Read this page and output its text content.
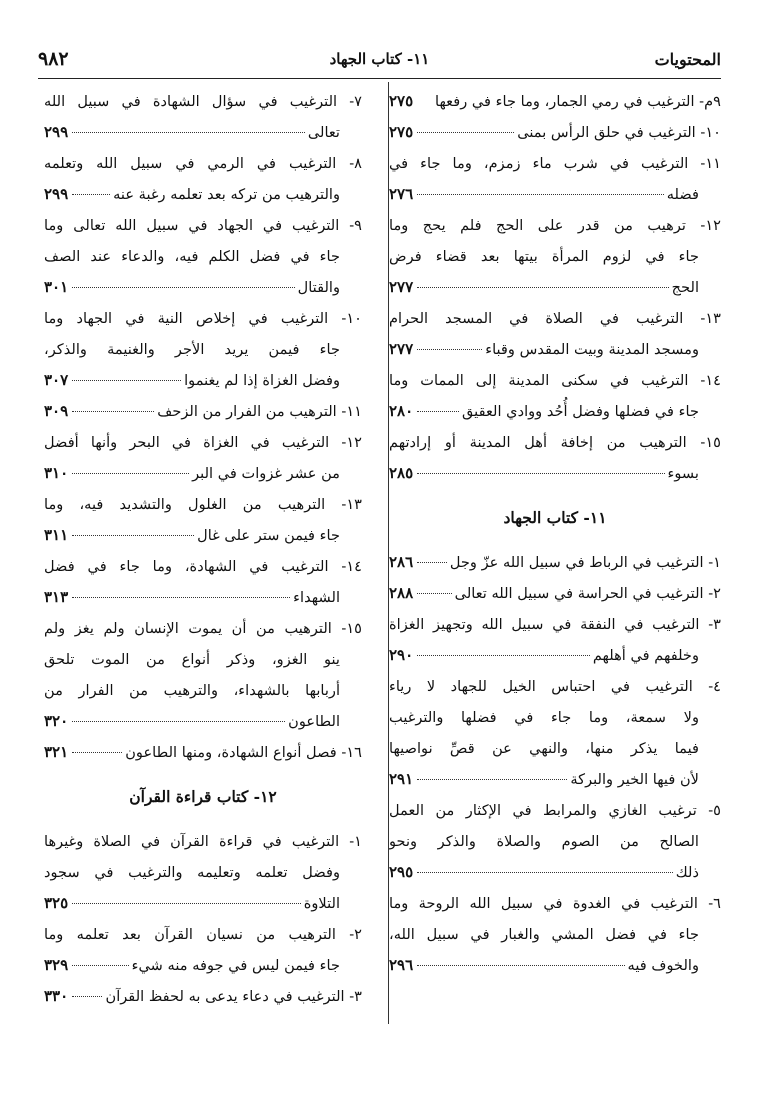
المحتويات
١١- كتاب الجهاد
٩٨٢
٩م- الترغيب في رمي الجمار، وما جاء في رفعها
٢٧٥
١٠- الترغيب في حلق الرأس بمنى
٢٧٥
١١- الترغيب في شرب ماء زمزم، وما جاء في
فضله
٢٧٦
١٢- ترهيب من قدر على الحج فلم يحج وما
جاء في لزوم المرأة بيتها بعد قضاء فرض
الحج
٢٧٧
١٣- الترغيب في الصلاة في المسجد الحرام
ومسجد المدينة وبيت المقدس وقباء
٢٧٧
١٤- الترغيب في سكنى المدينة إلى الممات وما
جاء في فضلها وفضل أُحُد ووادي العقيق
٢٨٠
١٥- الترهيب من إخافة أهل المدينة أو إرادتهم
بسوء
٢٨٥
١١- كتاب الجهاد
١- الترغيب في الرباط في سبيل الله عزّ وجل
٢٨٦
٢- الترغيب في الحراسة في سبيل الله تعالى
٢٨٨
٣- الترغيب في النفقة في سبيل الله وتجهيز الغزاة
وخلفهم في أهلهم
٢٩٠
٤- الترغيب في احتباس الخيل للجهاد لا رياء
ولا سمعة، وما جاء في فضلها والترغيب
فيما يذكر منها، والنهي عن قصِّ نواصيها
لأن فيها الخير والبركة
٢٩١
٥- ترغيب الغازي والمرابط في الإكثار من العمل
الصالح من الصوم والصلاة والذكر ونحو
ذلك
٢٩٥
٦- الترغيب في الغدوة في سبيل الله الروحة وما
جاء في فضل المشي والغبار في سبيل الله،
والخوف فيه
٢٩٦
٧- الترغيب في سؤال الشهادة في سبيل الله
تعالى
٢٩٩
٨- الترغيب في الرمي في سبيل الله وتعلمه
والترهيب من تركه بعد تعلمه رغبة عنه
٢٩٩
٩- الترغيب في الجهاد في سبيل الله تعالى وما
جاء في فضل الكلم فيه، والدعاء عند الصف
والقتال
٣٠١
١٠- الترغيب في إخلاص النية في الجهاد وما
جاء فيمن يريد الأجر والغنيمة والذكر،
وفضل الغزاة إذا لم يغنموا
٣٠٧
١١- الترهيب من الفرار من الزحف
٣٠٩
١٢- الترغيب في الغزاة في البحر وأنها أفضل
من عشر غزوات في البر
٣١٠
١٣- الترهيب من الغلول والتشديد فيه، وما
جاء فيمن ستر على غال
٣١١
١٤- الترغيب في الشهادة، وما جاء في فضل
الشهداء
٣١٣
١٥- الترهيب من أن يموت الإنسان ولم يغز ولم
ينو الغزو، وذكر أنواع من الموت تلحق
أربابها بالشهداء، والترهيب من الفرار من
الطاعون
٣٢٠
١٦- فصل أنواع الشهادة، ومنها الطاعون
٣٢١
١٢- كتاب قراءة القرآن
١- الترغيب في قراءة القرآن في الصلاة وغيرها
وفضل تعلمه وتعليمه والترغيب في سجود
التلاوة
٣٢٥
٢- الترهيب من نسيان القرآن بعد تعلمه وما
جاء فيمن ليس في جوفه منه شيء
٣٢٩
٣- الترغيب في دعاء يدعى به لحفظ القرآن
٣٣٠
